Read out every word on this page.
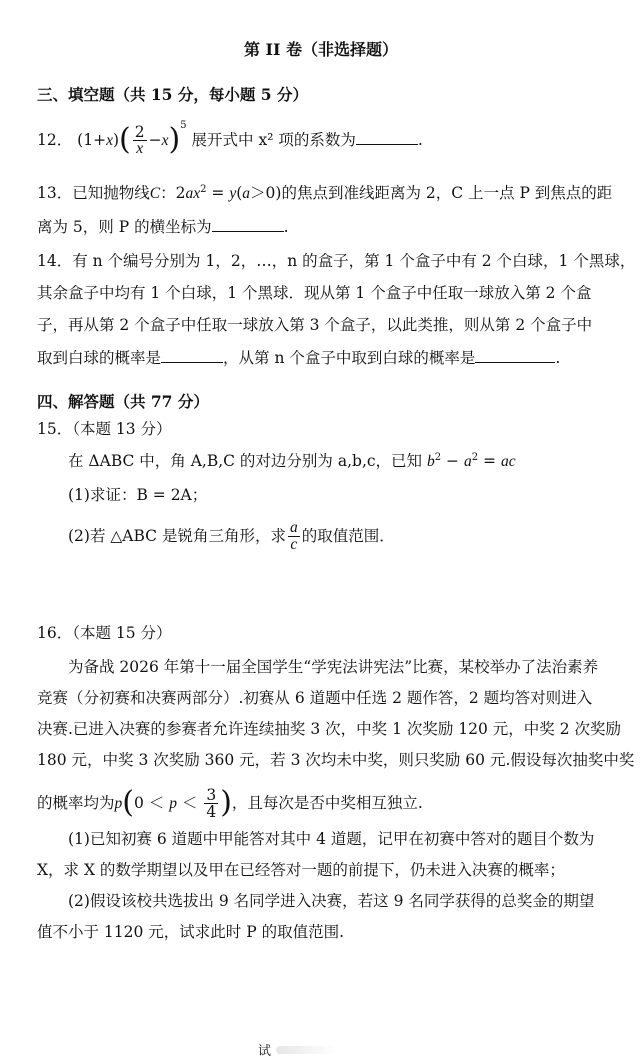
第 II 卷（非选择题）
三、填空题（共 15 分，每小题 5 分）
12． $(1+x)( \frac{2}{x} -x)^5$ 展开式中 x² 项的系数为	.
13．已知抛物线C：$2ax^2 = y(a>0)$的焦点到准线距离为 2，C 上一点 P 到焦点的距
离为 5，则 P 的横坐标为	.
14．有 n 个编号分别为 1，2，…，n 的盒子，第 1 个盒子中有 2 个白球，1 个黑球，
其余盒子中均有 1 个白球，1 个黑球．现从第 1 个盒子中任取一球放入第 2 个盒
子，再从第 2 个盒子中任取一球放入第 3 个盒子，以此类推，则从第 2 个盒子中
取到白球的概率是	，从第 n 个盒子中取到白球的概率是	.
四、解答题（共 77 分）
15．（本题 13 分）
在 ΔABC 中，角 A,B,C 的对边分别为 a,b,c，已知 $b^2 - a^2$ = ac
(1)求证：B = 2A；
(2)若 △ABC 是锐角三角形，求 $\frac{a}{c}$ 的取值范围．
16．（本题 15 分）
为备战 2026 年第十一届全国学生“学宪法讲宪法”比赛，某校举办了法治素养
竞赛（分初赛和决赛两部分）.初赛从 6 道题中任选 2 题作答，2 题均答对则进入
决赛.已进入决赛的参赛者允许连续抽奖 3 次，中奖 1 次奖励 120 元，中奖 2 次奖励
180 元，中奖 3 次奖励 360 元，若 3 次均未中奖，则只奖励 60 元.假设每次抽奖中奖
的概率均为$p(0 < p < \frac{3}{4}$ )，且每次是否中奖相互独立.
(1)已知初赛 6 道题中甲能答对其中 4 道题，记甲在初赛中答对的题目个数为
X，求 X 的数学期望以及甲在已经答对一题的前提下，仍未进入决赛的概率；
(2)假设该校共选拔出 9 名同学进入决赛，若这 9 名同学获得的总奖金的期望
值不小于 1120 元，试求此时 P 的取值范围.
试
